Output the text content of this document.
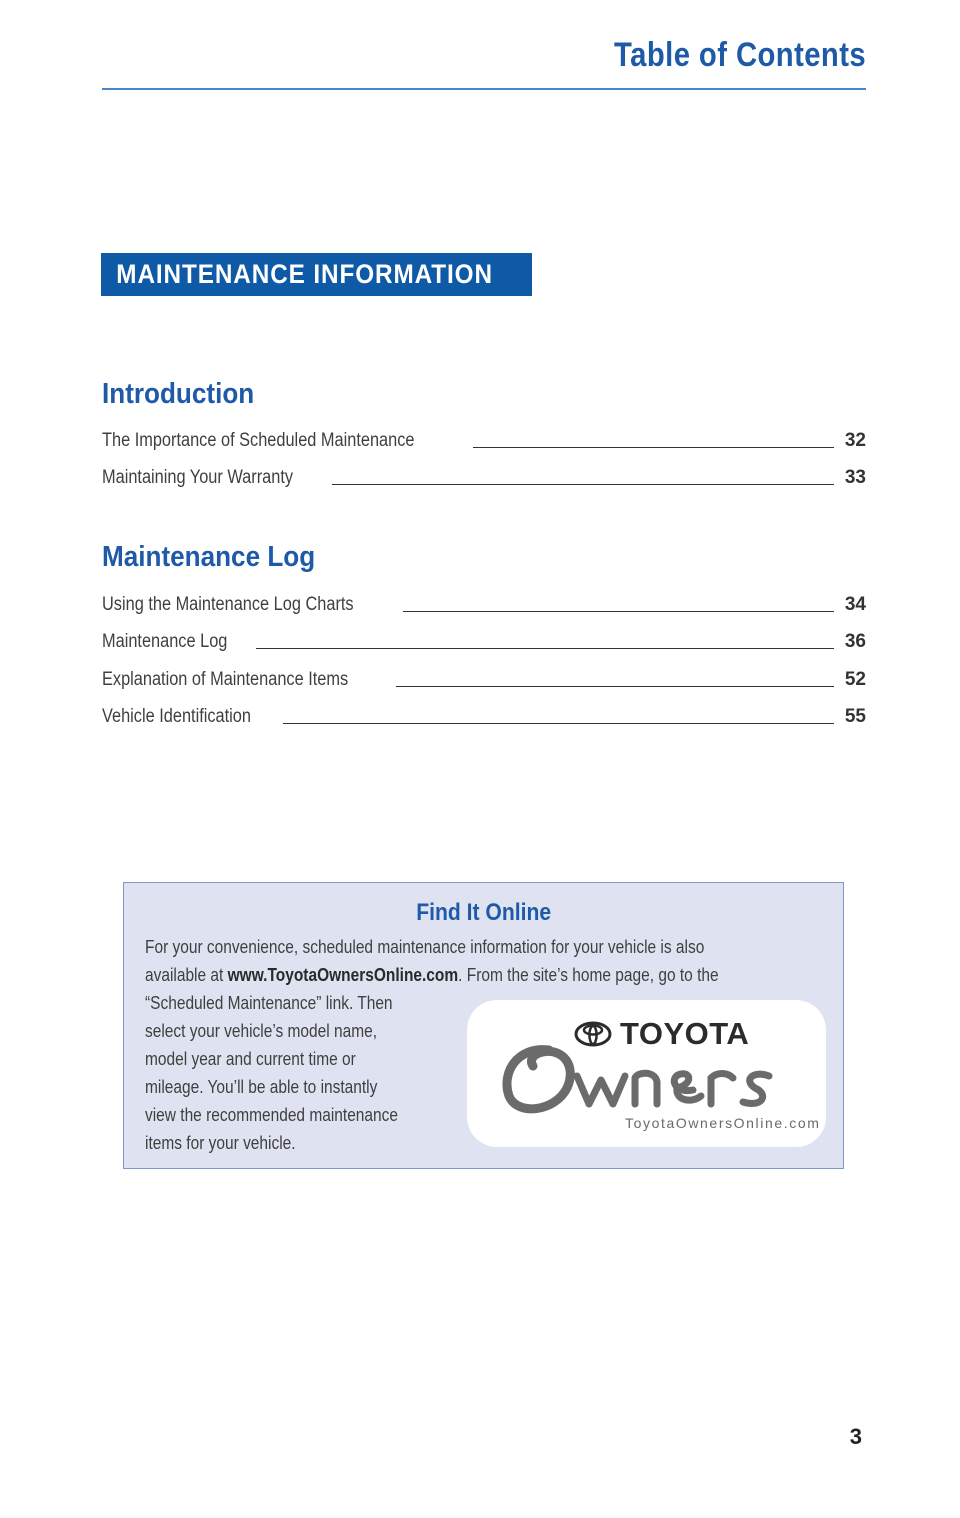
Table of Contents
MAINTENANCE INFORMATION
Introduction
The Importance of Scheduled Maintenance	32
Maintaining Your Warranty	33
Maintenance Log
Using the Maintenance Log Charts	34
Maintenance Log	36
Explanation of Maintenance Items	52
Vehicle Identification	55
Find It Online
For your convenience, scheduled maintenance information for your vehicle is also
available at www.ToyotaOwnersOnline.com. From the site’s home page, go to the
“Scheduled Maintenance” link. Then
select your vehicle’s model name,
model year and current time or
mileage. You’ll be able to instantly
view the recommended maintenance
items for your vehicle.
TOYOTA
ToyotaOwnersOnline.com
3
